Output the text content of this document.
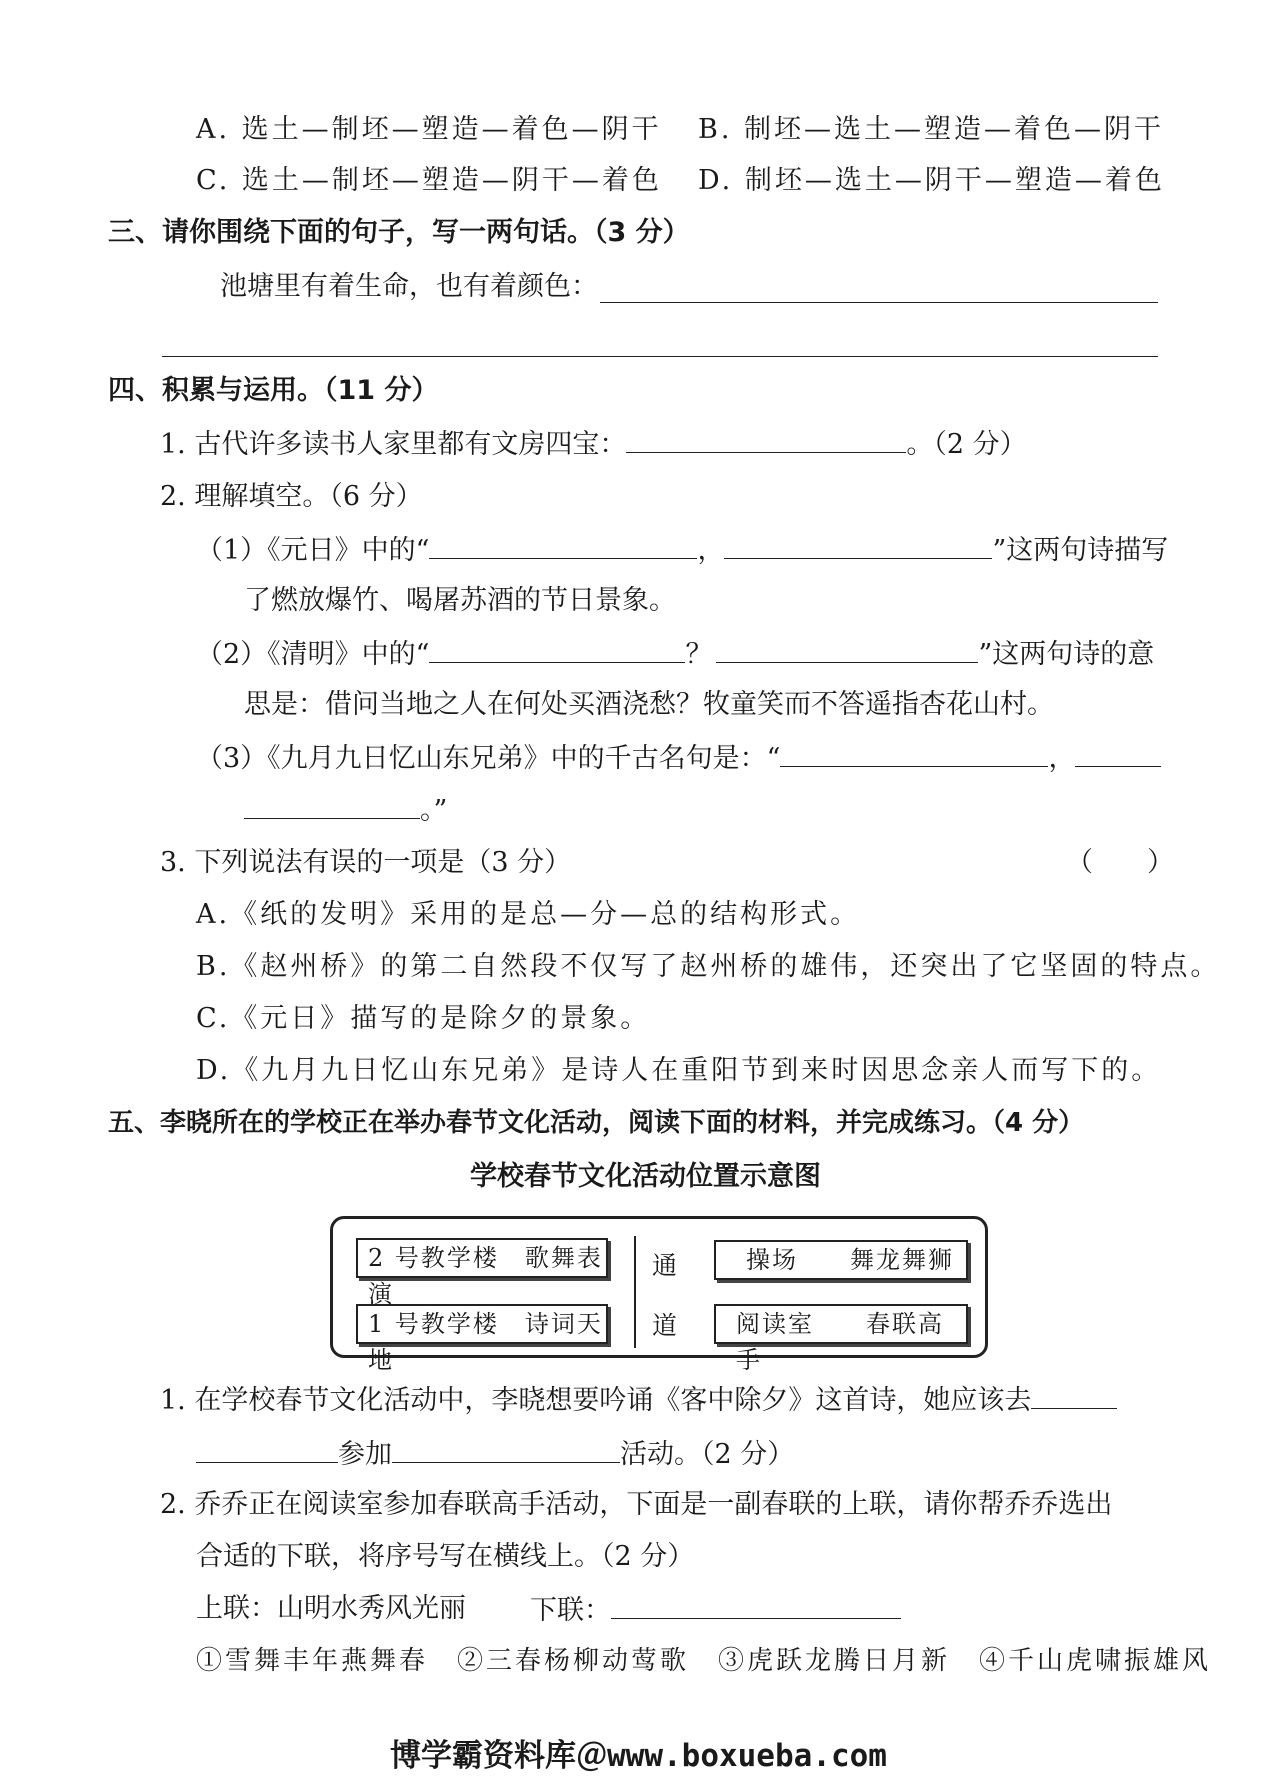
A. 选土—制坯—塑造—着色—阴干 B. 制坯—选土—塑造—着色—阴干
C. 选土—制坯—塑造—阴干—着色 D. 制坯—选土—阴干—塑造—着色
三、请你围绕下面的句子，写一两句话。（3 分）
池塘里有着生命，也有着颜色：
四、积累与运用。（11 分）
1. 古代许多读书人家里都有文房四宝：	。（2 分）
2. 理解填空。（6 分）
（1）《元日》中的“	，	”这两句诗描写
了燃放爆竹、喝屠苏酒的节日景象。
（2）《清明》中的“	？	”这两句诗的意
思是：借问当地之人在何处买酒浇愁？牧童笑而不答遥指杏花山村。
（3）《九月九日忆山东兄弟》中的千古名句是：“	，
。”
3. 下列说法有误的一项是（3 分）	（　　）
A.《纸的发明》采用的是总—分—总的结构形式。
B.《赵州桥》的第二自然段不仅写了赵州桥的雄伟，还突出了它坚固的特点。
C.《元日》描写的是除夕的景象。
D.《九月九日忆山东兄弟》是诗人在重阳节到来时因思念亲人而写下的。
五、李晓所在的学校正在举办春节文化活动，阅读下面的材料，并完成练习。（4 分）
学校春节文化活动位置示意图
2 号教学楼　歌舞表演
1 号教学楼　诗词天地
通
道
操场　　舞龙舞狮
阅读室　　春联高手
1. 在学校春节文化活动中，李晓想要吟诵《客中除夕》这首诗，她应该去
参加	活动。（2 分）
2. 乔乔正在阅读室参加春联高手活动，下面是一副春联的上联，请你帮乔乔选出
合适的下联，将序号写在横线上。（2 分）
上联：山明水秀风光丽 下联：
①雪舞丰年燕舞春　②三春杨柳动莺歌　③虎跃龙腾日月新　④千山虎啸振雄风
博学霸资料库＠www.boxueba.com
